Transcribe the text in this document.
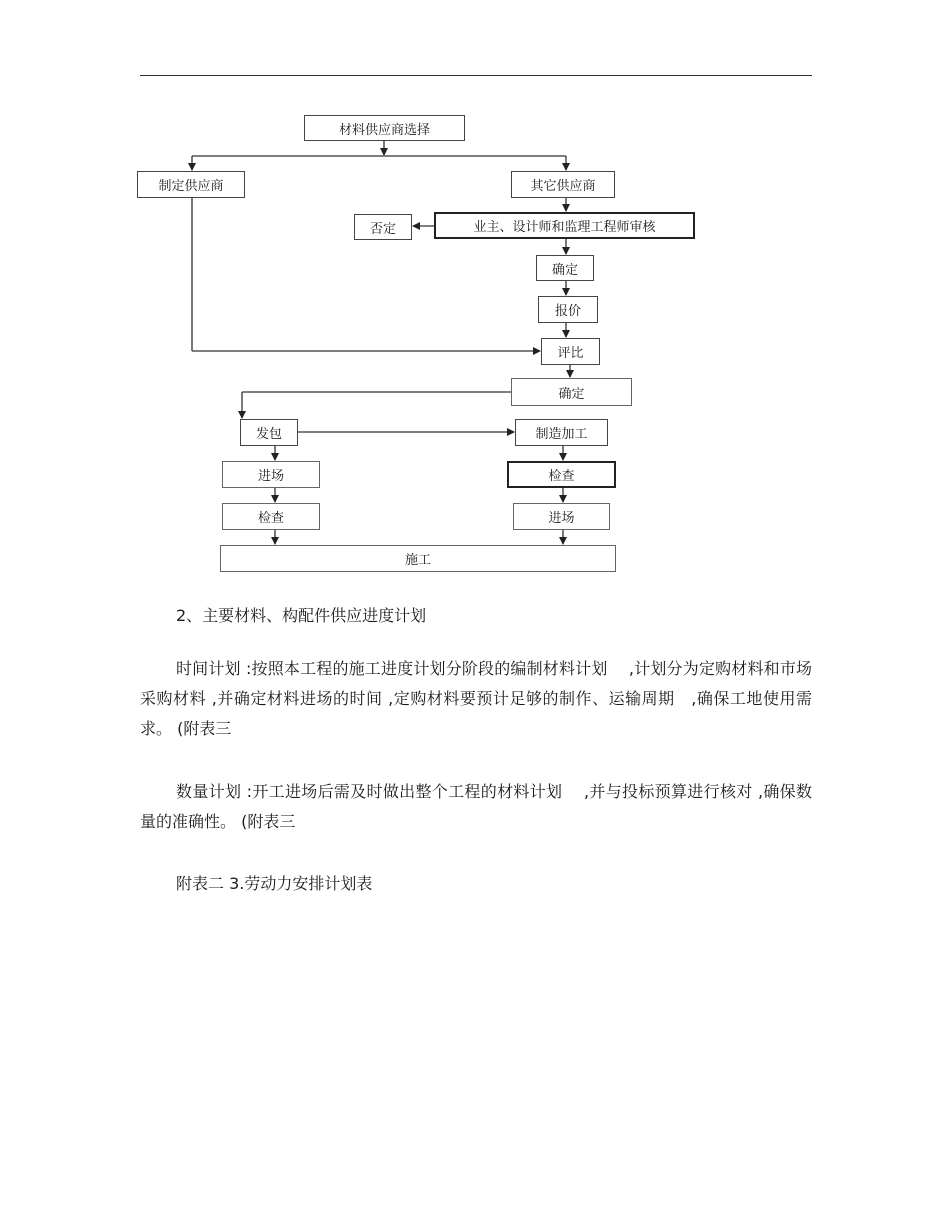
材料供应商选择
制定供应商	其它供应商
否定	业主、设计师和监理工程师审核
确定
报价
评比
确定
发包	制造加工
进场	检查
检查	进场
施工

2、主要材料、构配件供应进度计划

时间计划 :按照本工程的施工进度计划分阶段的编制材料计划　 ,计划分为定购材料和市场采购材料 ,并确定材料进场的时间 ,定购材料要预计足够的制作、运输周期　,确保工地使用需求。 (附表三

数量计划 :开工进场后需及时做出整个工程的材料计划　 ,并与投标预算进行核对 ,确保数量的准确性。 (附表三

附表二 3.劳动力安排计划表
